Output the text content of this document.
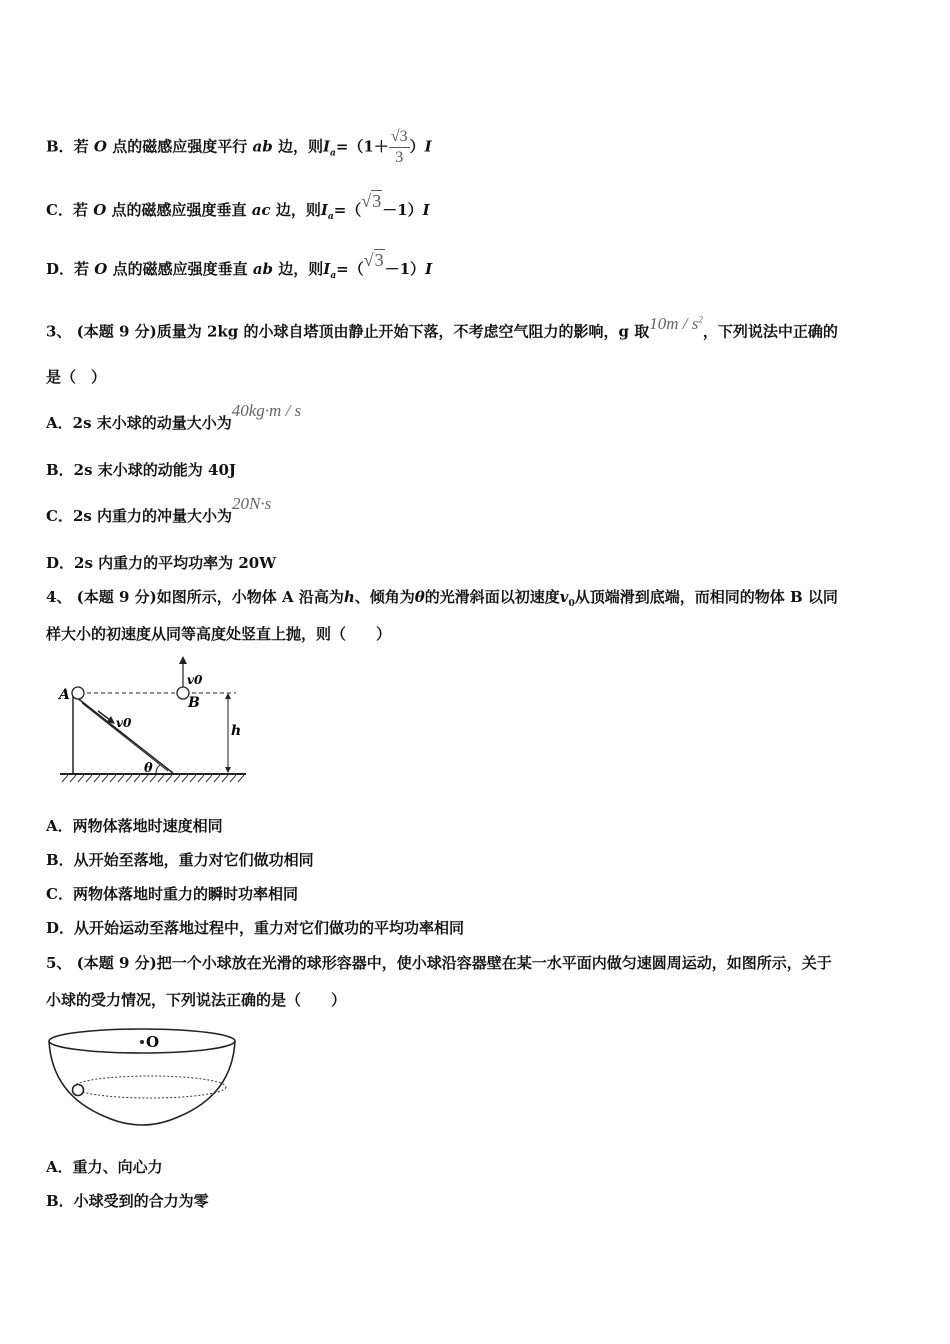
B．若 O 点的磁感应强度平行 ab 边，则$I_a=(1+ \frac{√3}{3} )I$
C．若 O 点的磁感应强度垂直 ac 边，则$I_a=(√3-1)I$
D．若 O 点的磁感应强度垂直 ab 边，则$I_a=(√3-1)I$
3、 (本题 9 分)质量为 2kg 的小球自塔顶由静止开始下落，不考虑空气阻力的影响，g 取$10m / s^2$，下列说法中正确的
是（　）
A．2s 末小球的动量大小为40kg·m / s
B．2s 末小球的动能为 40J
C．2s 内重力的冲量大小为20N·s
D．2s 内重力的平均功率为 20W
4、 (本题 9 分)如图所示，小物体 A 沿高为h、倾角为θ的光滑斜面以初速度$v_0$从顶端滑到底端，而相同的物体 B 以同
样大小的初速度从同等高度处竖直上抛，则（　　）
A	B
v0
v0	h
θ
A．两物体落地时速度相同
B．从开始至落地，重力对它们做功相同
C．两物体落地时重力的瞬时功率相同
D．从开始运动至落地过程中，重力对它们做功的平均功率相同
5、 (本题 9 分)把一个小球放在光滑的球形容器中，使小球沿容器壁在某一水平面内做匀速圆周运动，如图所示，关于
小球的受力情况，下列说法正确的是（　　）
O
A．重力、向心力
B．小球受到的合力为零
